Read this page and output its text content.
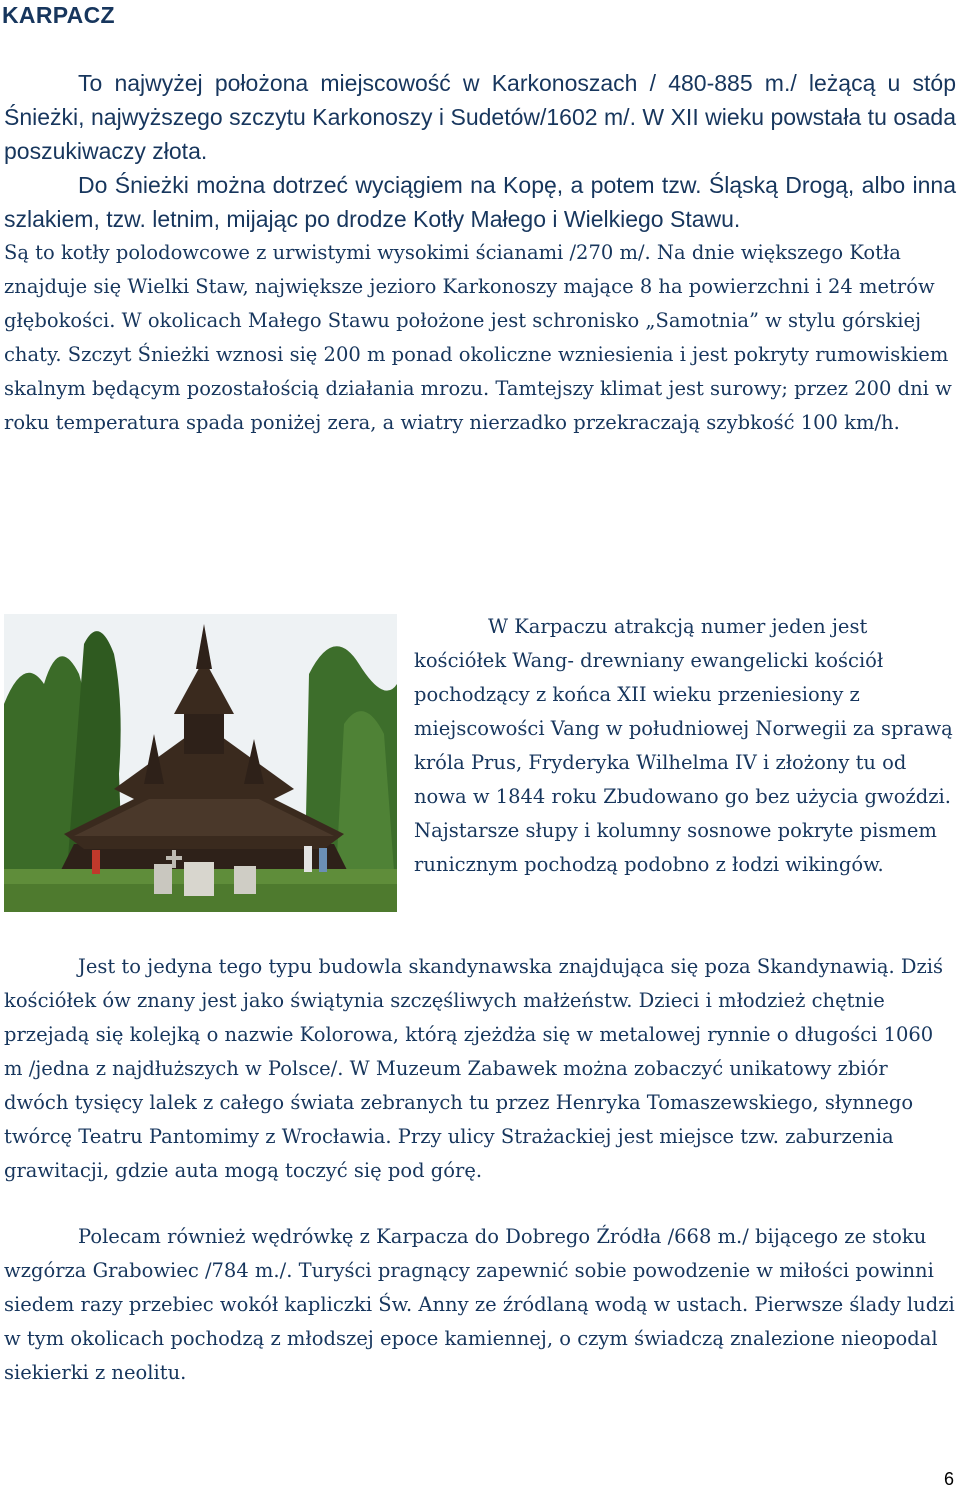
KARPACZ

To najwyżej położona miejscowość w Karkonoszach / 480-885 m./ leżącą u stóp Śnieżki, najwyższego szczytu Karkonoszy i Sudetów/1602 m/. W XII wieku powstała tu osada poszukiwaczy złota.

Do Śnieżki można dotrzeć wyciągiem na Kopę, a potem tzw. Śląską Drogą, albo inna szlakiem, tzw. letnim, mijając po drodze Kotły Małego i Wielkiego Stawu.

Są to kotły polodowcowe z urwistymi wysokimi ścianami /270 m/. Na dnie większego Kotła znajduje się Wielki Staw, największe jezioro Karkonoszy mające 8 ha powierzchni i 24 metrów głębokości. W okolicach Małego Stawu położone jest schronisko „Samotnia” w stylu górskiej chaty. Szczyt Śnieżki wznosi się 200 m ponad okoliczne wzniesienia i jest pokryty rumowiskiem skalnym będącym pozostałością działania mrozu. Tamtejszy klimat jest surowy; przez 200 dni w roku temperatura spada poniżej zera, a wiatry nierzadko przekraczają szybkość 100 km/h.

W Karpaczu atrakcją numer jeden jest kościółek Wang- drewniany ewangelicki kościół pochodzący z końca XII wieku przeniesiony z miejscowości Vang w południowej Norwegii za sprawą króla Prus, Fryderyka Wilhelma IV i złożony tu od nowa w 1844 roku Zbudowano go bez użycia gwoździ. Najstarsze słupy i kolumny sosnowe pokryte pismem runicznym pochodzą podobno z łodzi wikingów.

Jest to jedyna tego typu budowla skandynawska znajdująca się poza Skandynawią. Dziś kościółek ów znany jest jako świątynia szczęśliwych małżeństw. Dzieci i młodzież chętnie przejadą się kolejką o nazwie Kolorowa, którą zjeżdża się w metalowej rynnie o długości 1060 m /jedna z najdłuższych w Polsce/. W Muzeum Zabawek można zobaczyć unikatowy zbiór dwóch tysięcy lalek z całego świata zebranych tu przez Henryka Tomaszewskiego, słynnego twórcę Teatru Pantomimy z Wrocławia. Przy ulicy Strażackiej jest miejsce tzw. zaburzenia grawitacji, gdzie auta mogą toczyć się pod górę.

Polecam również wędrówkę z Karpacza do Dobrego Źródła /668 m./ bijącego ze stoku wzgórza Grabowiec /784 m./. Turyści pragnący zapewnić sobie powodzenie w miłości powinni siedem razy przebiec wokół kapliczki Św. Anny ze źródlaną wodą w ustach. Pierwsze ślady ludzi w tym okolicach pochodzą z młodszej epoce kamiennej, o czym świadczą znalezione nieopodal siekierki z neolitu.

6
